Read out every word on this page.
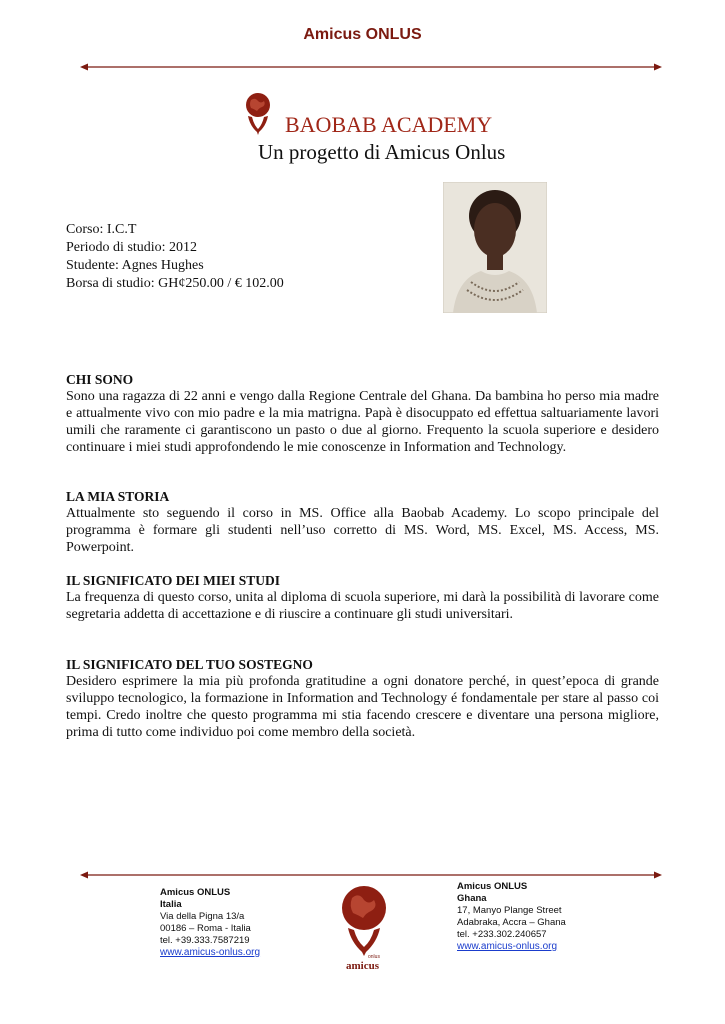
Amicus ONLUS
BAOBAB ACADEMY
Un progetto di Amicus Onlus
Corso: I.C.T
Periodo di studio: 2012
Studente: Agnes Hughes
Borsa di studio: GH¢250.00 / € 102.00
CHI SONO

Sono una ragazza di 22 anni e vengo dalla Regione Centrale del Ghana. Da bambina ho perso mia madre e attualmente vivo con mio padre e la mia matrigna. Papà è disocuppato ed effettua saltuariamente lavori umili che raramente ci garantiscono un pasto o due al giorno. Frequento la scuola superiore e desidero continuare i miei studi approfondendo le mie conoscenze in Information and Technology.

LA MIA STORIA

Attualmente sto seguendo il corso in MS. Office alla Baobab Academy. Lo scopo principale del programma è formare gli studenti nell’uso corretto di MS. Word, MS. Excel, MS. Access, MS. Powerpoint.

IL SIGNIFICATO DEI MIEI STUDI

La frequenza di questo corso, unita al diploma di scuola superiore, mi darà la possibilità di lavorare come segretaria addetta di accettazione e di riuscire a continuare gli studi universitari.

IL SIGNIFICATO DEL TUO SOSTEGNO

Desidero esprimere la mia più profonda gratitudine a ogni donatore perché, in quest’epoca di grande sviluppo tecnologico, la formazione in Information and Technology é fondamentale per stare al passo coi tempi. Credo inoltre che questo programma mi stia facendo crescere e diventare una persona migliore, prima di tutto come individuo poi come membro della società.

Amicus ONLUS
Italia
Via della Pigna 13/a
00186 – Roma - Italia
tel. +39.333.7587219
www.amicus-onlus.org
amicus
onlus
Amicus ONLUS
Ghana
17, Manyo Plange Street
Adabraka, Accra – Ghana
tel. +233.302.240657
www.amicus-onlus.org
